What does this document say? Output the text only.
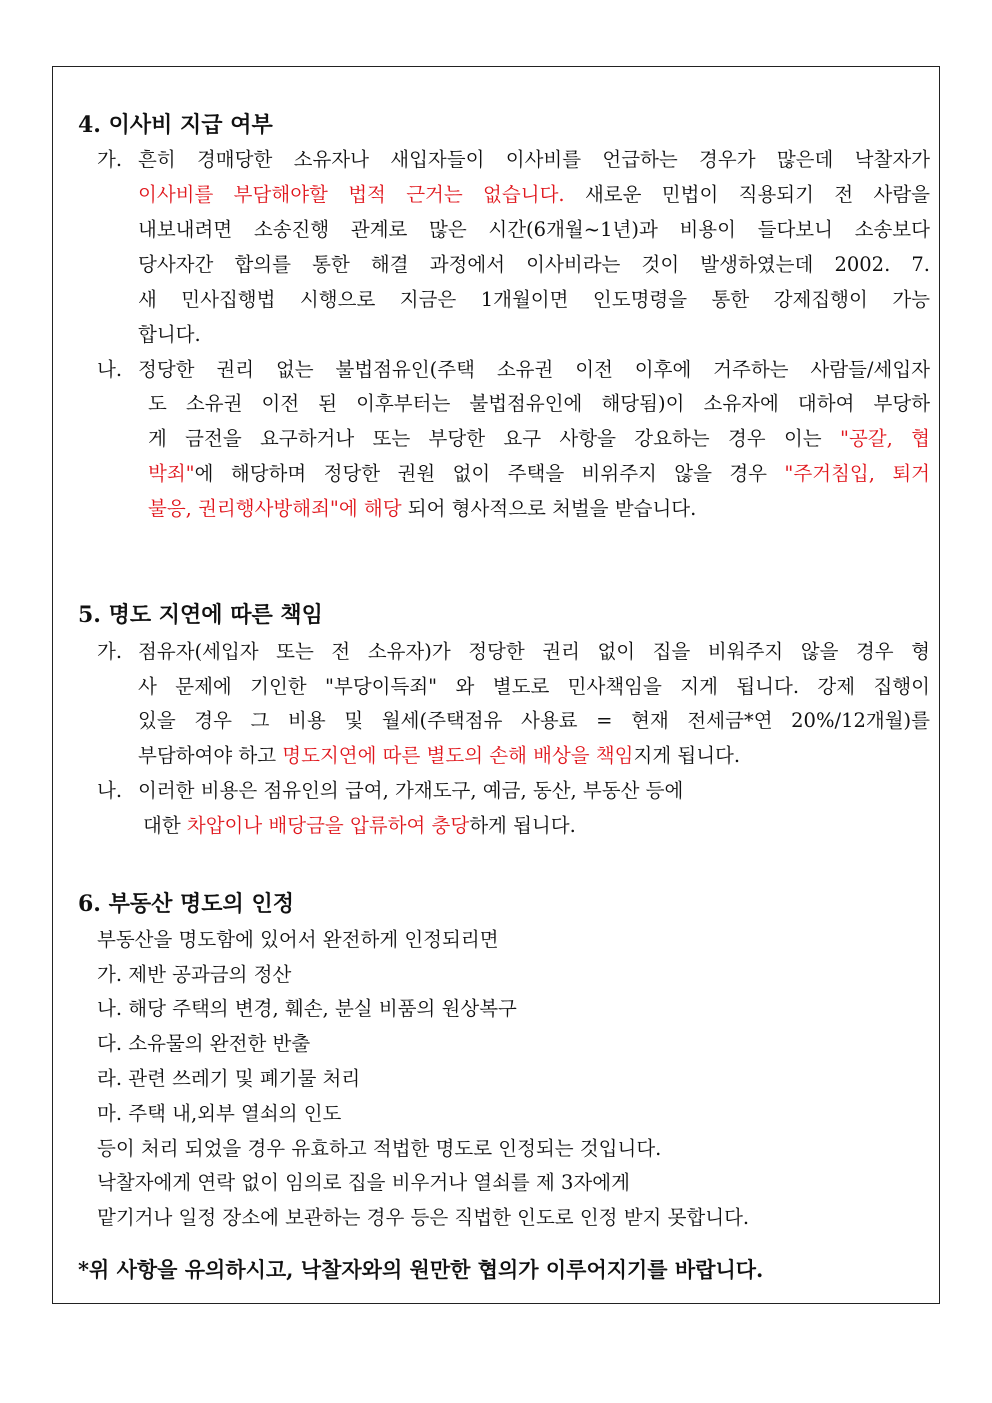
4. 이사비 지급 여부
가. 흔히 경매당한 소유자나 새입자들이 이사비를 언급하는 경우가 많은데 낙찰자가
이사비를 부담해야할 법적 근거는 없습니다. 새로운 민법이 직용되기 전 사람을
내보내려면 소송진행 관계로 많은 시간(6개월~1년)과 비용이 들다보니 소송보다
당사자간 합의를 통한 해결 과정에서 이사비라는 것이 발생하였는데 2002. 7.
새 민사집행법 시행으로 지금은 1개월이면 인도명령을 통한 강제집행이 가능
합니다.
나. 정당한 권리 없는 불법점유인(주택 소유권 이전 이후에 거주하는 사람들/세입자
도 소유권 이전 된 이후부터는 불법점유인에 해당됨)이 소유자에 대하여 부당하
게 금전을 요구하거나 또는 부당한 요구 사항을 강요하는 경우 이는 "공갈, 협
박죄"에 해당하며 정당한 권원 없이 주택을 비위주지 않을 경우 "주거침입, 퇴거
불응, 권리행사방해죄"에 해당 되어 형사적으로 처벌을 받습니다.
5. 명도 지연에 따른 책임
가. 점유자(세입자 또는 전 소유자)가 정당한 권리 없이 집을 비워주지 않을 경우 형
사 문제에 기인한 "부당이득죄" 와 별도로 민사책임을 지게 됩니다. 강제 집행이
있을 경우 그 비용 및 월세(주택점유 사용료 = 현재 전세금*연 20%/12개월)를
부담하여야 하고 명도지연에 따른 별도의 손해 배상을 책임지게 됩니다.
나. 이러한 비용은 점유인의 급여, 가재도구, 예금, 동산, 부동산 등에
대한 차압이나 배당금을 압류하여 충당하게 됩니다.
6. 부동산 명도의 인정
부동산을 명도함에 있어서 완전하게 인정되리면
가. 제반 공과금의 정산
나. 해당 주택의 변경, 훼손, 분실 비품의 원상복구
다. 소유물의 완전한 반출
라. 관련 쓰레기 및 폐기물 처리
마. 주택 내,외부 열쇠의 인도
등이 처리 되었을 경우 유효하고 적법한 명도로 인정되는 것입니다.
낙찰자에게 연락 없이 임의로 집을 비우거나 열쇠를 제 3자에게
맡기거나 일정 장소에 보관하는 경우 등은 직법한 인도로 인정 받지 못합니다.
*위 사항을 유의하시고, 낙찰자와의 원만한 협의가 이루어지기를 바랍니다.
